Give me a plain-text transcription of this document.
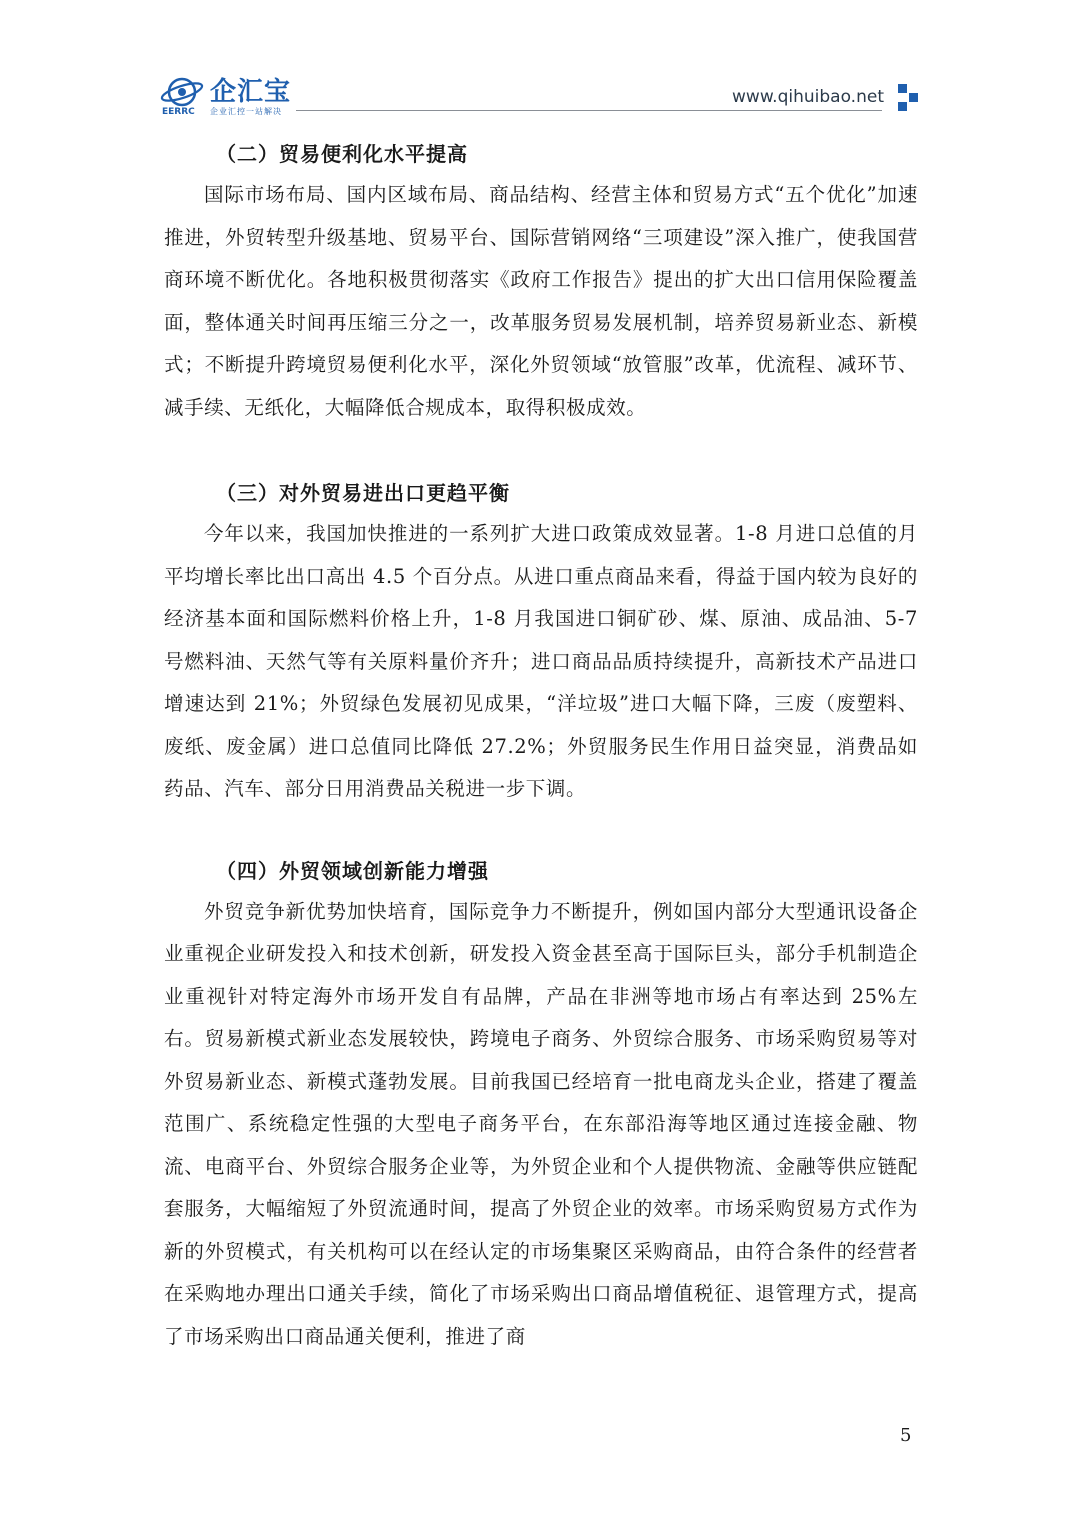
企汇宝
EERRC 企业汇控一站解决
www.qihuibao.net
（二）贸易便利化水平提高

国际市场布局、国内区域布局、商品结构、经营主体和贸易方式“五个优化”加速推进，外贸转型升级基地、贸易平台、国际营销网络“三项建设”深入推广，使我国营商环境不断优化。各地积极贯彻落实《政府工作报告》提出的扩大出口信用保险覆盖面，整体通关时间再压缩三分之一，改革服务贸易发展机制，培养贸易新业态、新模式；不断提升跨境贸易便利化水平，深化外贸领域“放管服”改革，优流程、减环节、减手续、无纸化，大幅降低合规成本，取得积极成效。

（三）对外贸易进出口更趋平衡

今年以来，我国加快推进的一系列扩大进口政策成效显著。1-8 月进口总值的月平均增长率比出口高出 4.5 个百分点。从进口重点商品来看，得益于国内较为良好的经济基本面和国际燃料价格上升，1-8 月我国进口铜矿砂、煤、原油、成品油、5-7 号燃料油、天然气等有关原料量价齐升；进口商品品质持续提升，高新技术产品进口增速达到 21%；外贸绿色发展初见成果，“洋垃圾”进口大幅下降，三废（废塑料、废纸、废金属）进口总值同比降低 27.2%；外贸服务民生作用日益突显，消费品如药品、汽车、部分日用消费品关税进一步下调。

（四）外贸领域创新能力增强

外贸竞争新优势加快培育，国际竞争力不断提升，例如国内部分大型通讯设备企业重视企业研发投入和技术创新，研发投入资金甚至高于国际巨头，部分手机制造企业重视针对特定海外市场开发自有品牌，产品在非洲等地市场占有率达到 25%左右。贸易新模式新业态发展较快，跨境电子商务、外贸综合服务、市场采购贸易等对外贸易新业态、新模式蓬勃发展。目前我国已经培育一批电商龙头企业，搭建了覆盖范围广、系统稳定性强的大型电子商务平台，在东部沿海等地区通过连接金融、物流、电商平台、外贸综合服务企业等，为外贸企业和个人提供物流、金融等供应链配套服务，大幅缩短了外贸流通时间，提高了外贸企业的效率。市场采购贸易方式作为新的外贸模式，有关机构可以在经认定的市场集聚区采购商品，由符合条件的经营者在采购地办理出口通关手续，简化了市场采购出口商品增值税征、退管理方式，提高了市场采购出口商品通关便利，推进了商

5
